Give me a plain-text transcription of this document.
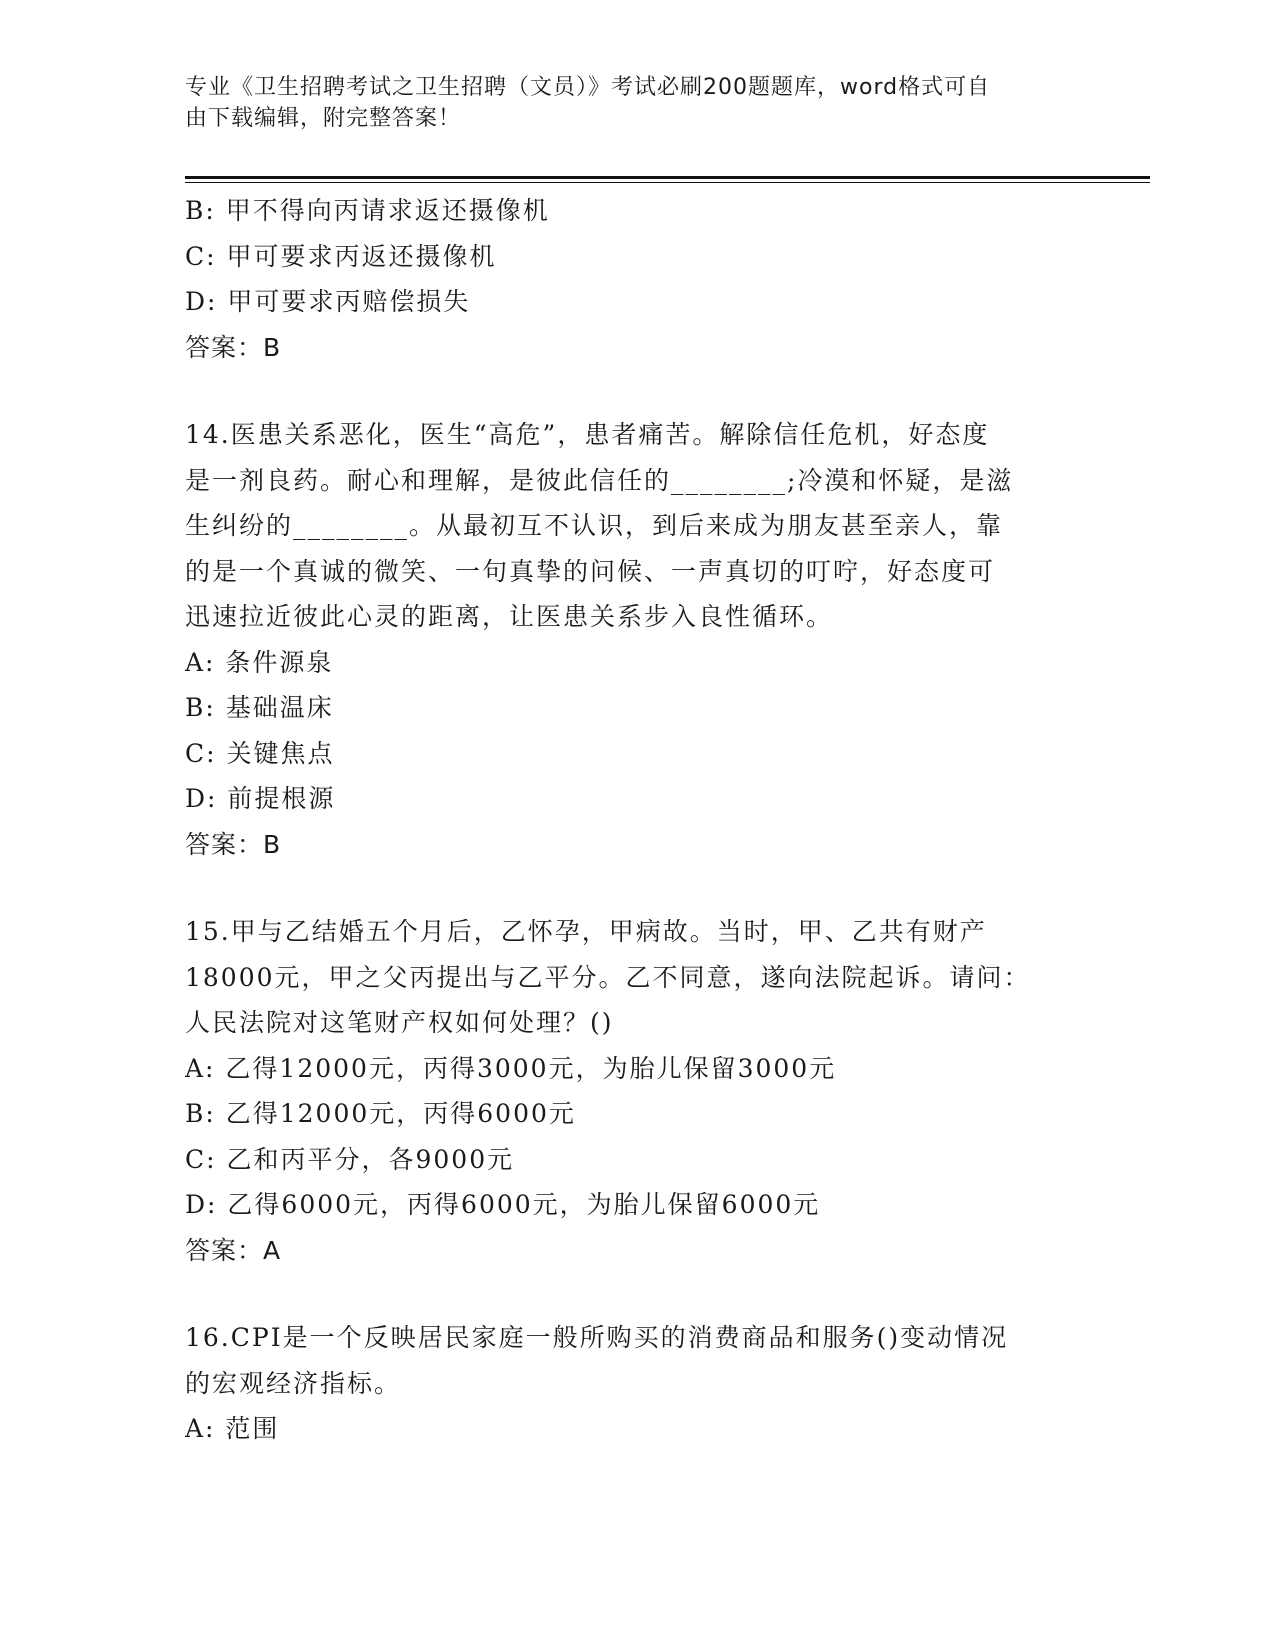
专业《卫生招聘考试之卫生招聘（文员）》考试必刷200题题库，word格式可自
由下载编辑，附完整答案！
B: 甲不得向丙请求返还摄像机
C: 甲可要求丙返还摄像机
D: 甲可要求丙赔偿损失
答案：B
14.医患关系恶化，医生“高危”，患者痛苦。解除信任危机，好态度
是一剂良药。耐心和理解，是彼此信任的________;冷漠和怀疑，是滋
生纠纷的________。从最初互不认识，到后来成为朋友甚至亲人，靠
的是一个真诚的微笑、一句真挚的问候、一声真切的叮咛，好态度可
迅速拉近彼此心灵的距离，让医患关系步入良性循环。
A: 条件源泉
B: 基础温床
C: 关键焦点
D: 前提根源
答案：B
15.甲与乙结婚五个月后，乙怀孕，甲病故。当时，甲、乙共有财产
18000元，甲之父丙提出与乙平分。乙不同意，遂向法院起诉。请问：
人民法院对这笔财产权如何处理？()
A: 乙得12000元，丙得3000元，为胎儿保留3000元
B: 乙得12000元，丙得6000元
C: 乙和丙平分，各9000元
D: 乙得6000元，丙得6000元，为胎儿保留6000元
答案：A
16.CPI是一个反映居民家庭一般所购买的消费商品和服务()变动情况
的宏观经济指标。
A: 范围
